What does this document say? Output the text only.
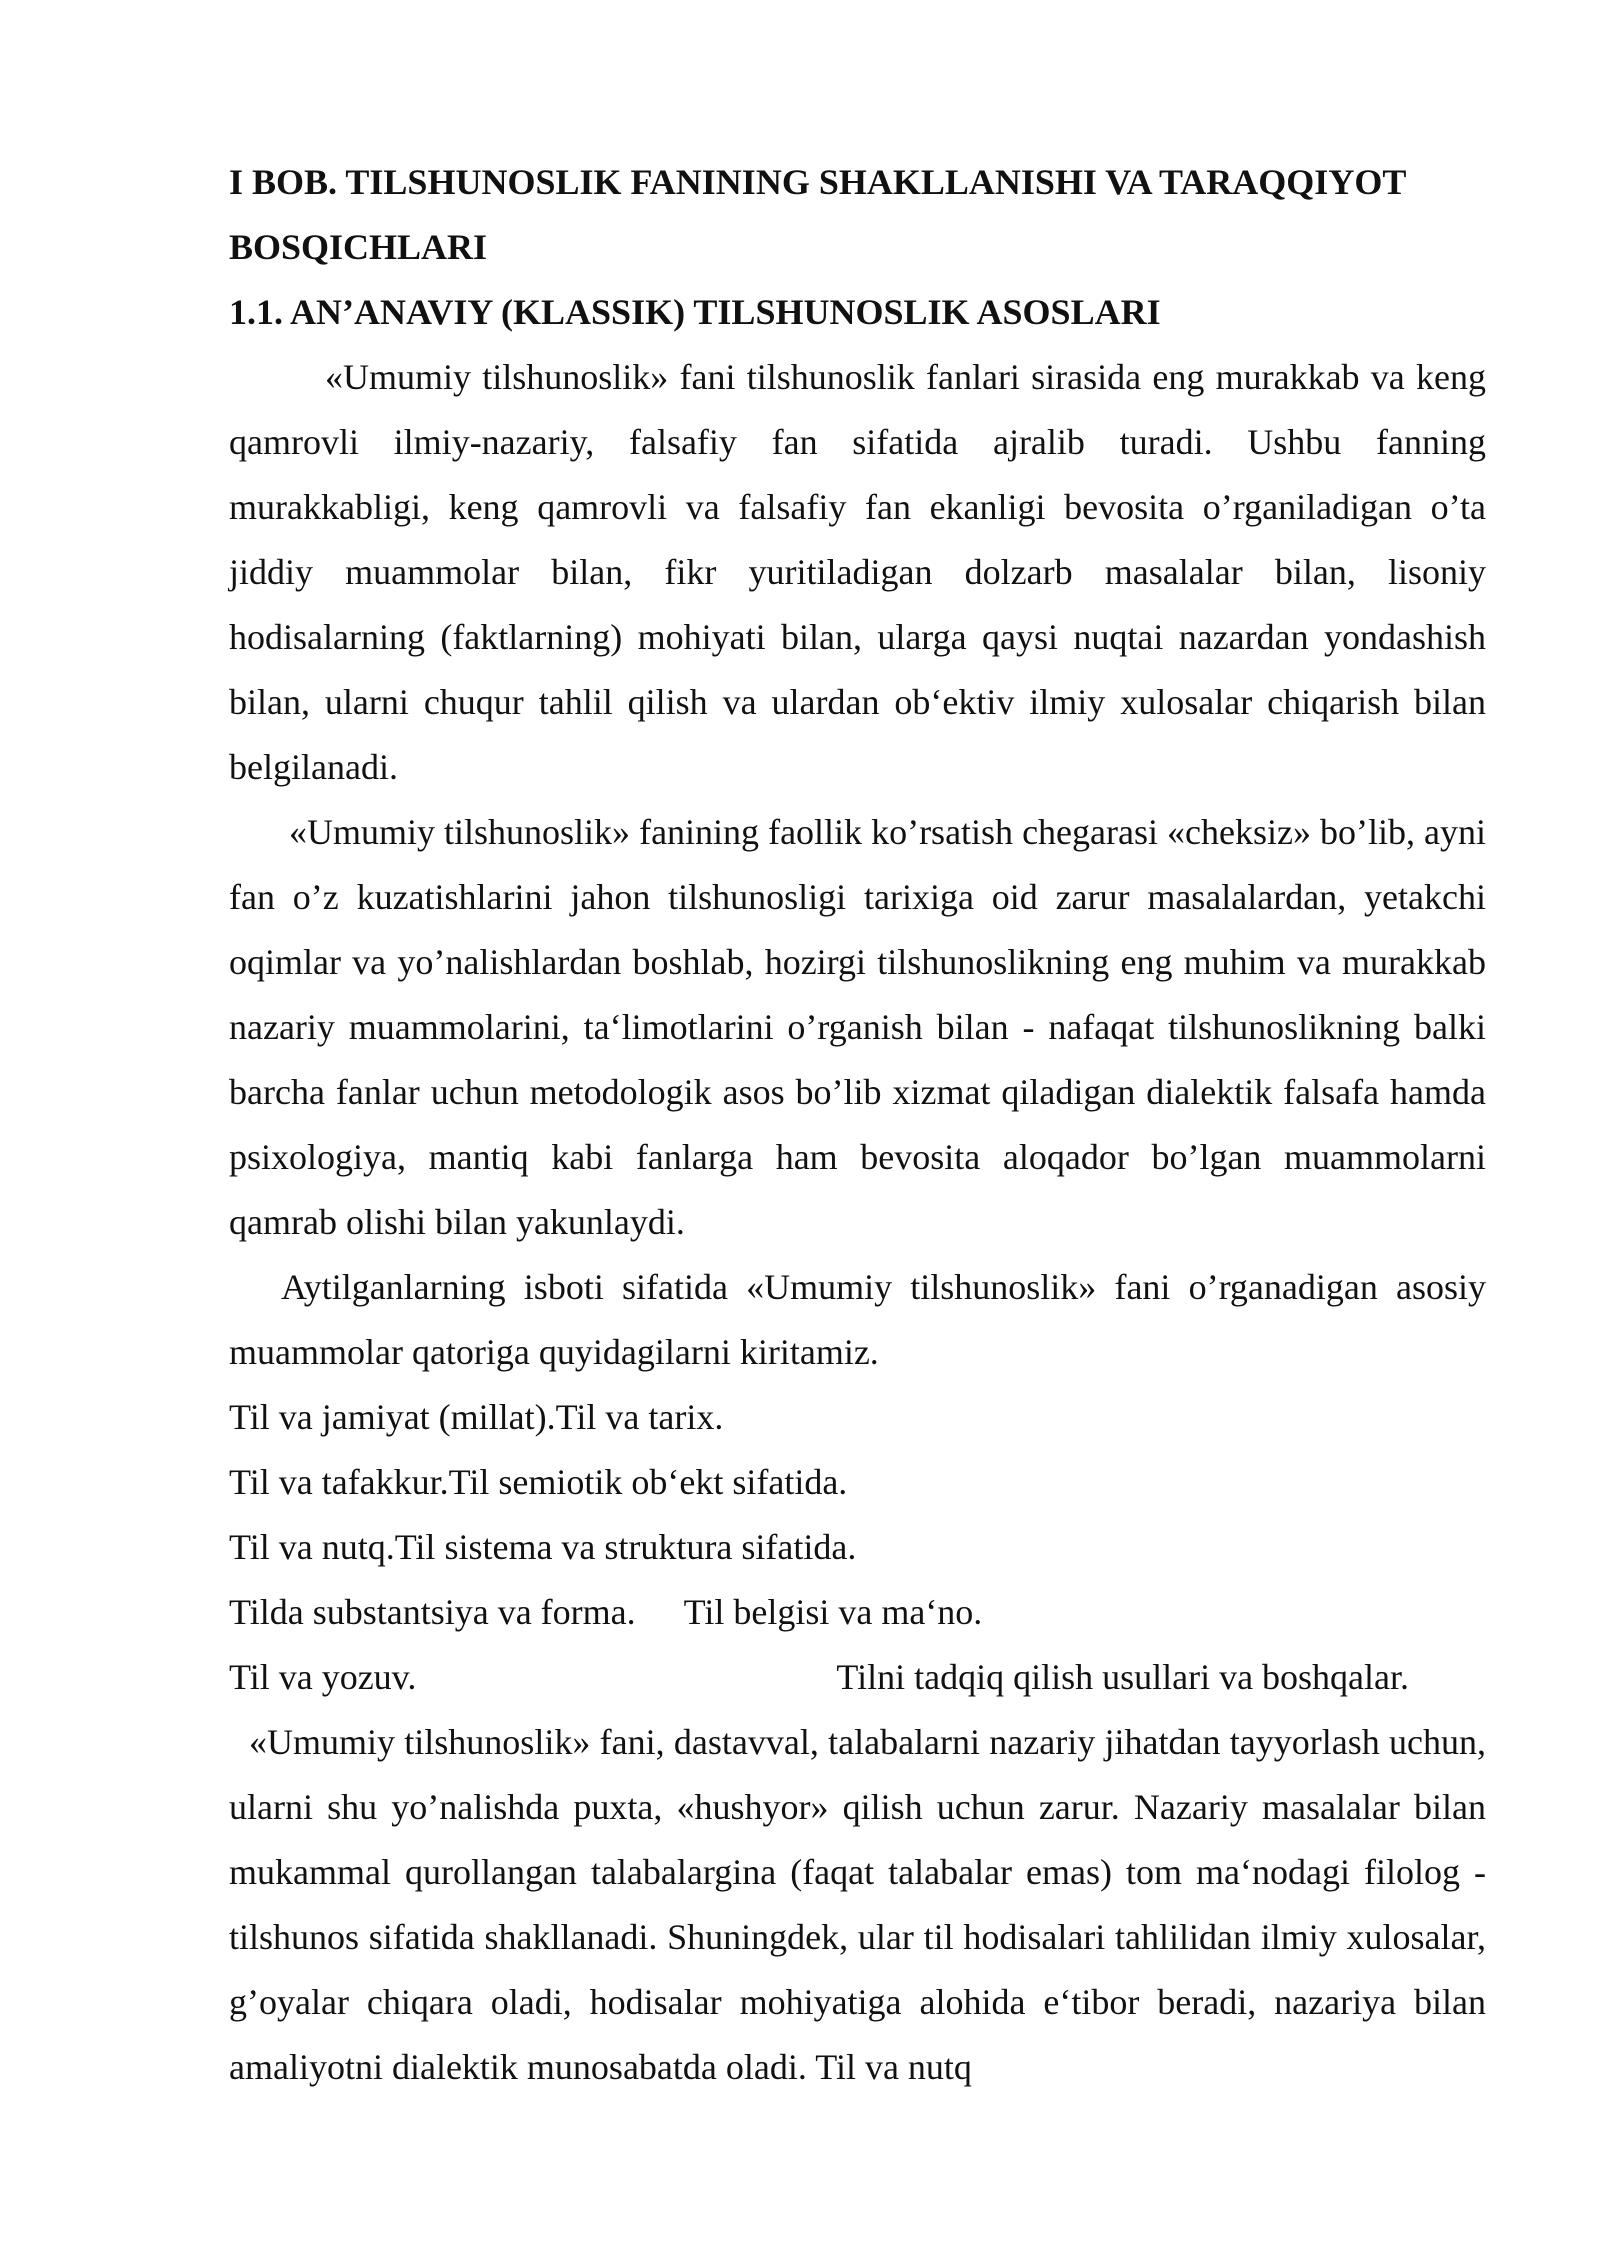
I BOB. TILSHUNOSLIK FANINING SHAKLLANISHI VA TARAQQIYOT BOSQICHLARI

1.1. AN’ANAVIY (KLASSIK) TILSHUNOSLIK ASOSLARI

«Umumiy tilshunoslik» fani tilshunoslik fanlari sirasida eng murakkab va keng qamrovli ilmiy-nazariy, falsafiy fan sifatida ajralib turadi. Ushbu fanning murakkabligi, keng qamrovli va falsafiy fan ekanligi bevosita o’rganiladigan o’ta jiddiy muammolar bilan, fikr yuritiladigan dolzarb masalalar bilan, lisoniy hodisalarning (faktlarning) mohiyati bilan, ularga qaysi nuqtai nazardan yondashish bilan, ularni chuqur tahlil qilish va ulardan ob‘ektiv ilmiy xulosalar chiqarish bilan belgilanadi.

«Umumiy tilshunoslik» fanining faollik ko’rsatish chegarasi «cheksiz» bo’lib, ayni fan o’z kuzatishlarini jahon tilshunosligi tarixiga oid zarur masalalardan, yetakchi oqimlar va yo’nalishlardan boshlab, hozirgi tilshunoslikning eng muhim va murakkab nazariy muammolarini, ta‘limotlarini o’rganish bilan - nafaqat tilshunoslikning balki barcha fanlar uchun metodologik asos bo’lib xizmat qiladigan dialektik falsafa hamda psixologiya, mantiq kabi fanlarga ham bevosita aloqador bo’lgan muammolarni qamrab olishi bilan yakunlaydi.

Aytilganlarning isboti sifatida «Umumiy tilshunoslik» fani o’rganadigan asosiy muammolar qatoriga quyidagilarni kiritamiz.

Til va jamiyat (millat).Til va tarix.

Til va tafakkur.Til semiotik ob‘ekt sifatida.

Til va nutq.Til sistema va struktura sifatida.

Tilda substantsiya va forma. Til belgisi va ma‘no.

Til va yozuv.	Tilni tadqiq qilish usullari va boshqalar.

«Umumiy tilshunoslik» fani, dastavval, talabalarni nazariy jihatdan tayyorlash uchun, ularni shu yo’nalishda puxta, «hushyor» qilish uchun zarur. Nazariy masalalar bilan mukammal qurollangan talabalargina (faqat talabalar emas) tom ma‘nodagi filolog - tilshunos sifatida shakllanadi. Shuningdek, ular til hodisalari tahlilidan ilmiy xulosalar, g’oyalar chiqara oladi, hodisalar mohiyatiga alohida e‘tibor beradi, nazariya bilan amaliyotni dialektik munosabatda oladi. Til va nutq
